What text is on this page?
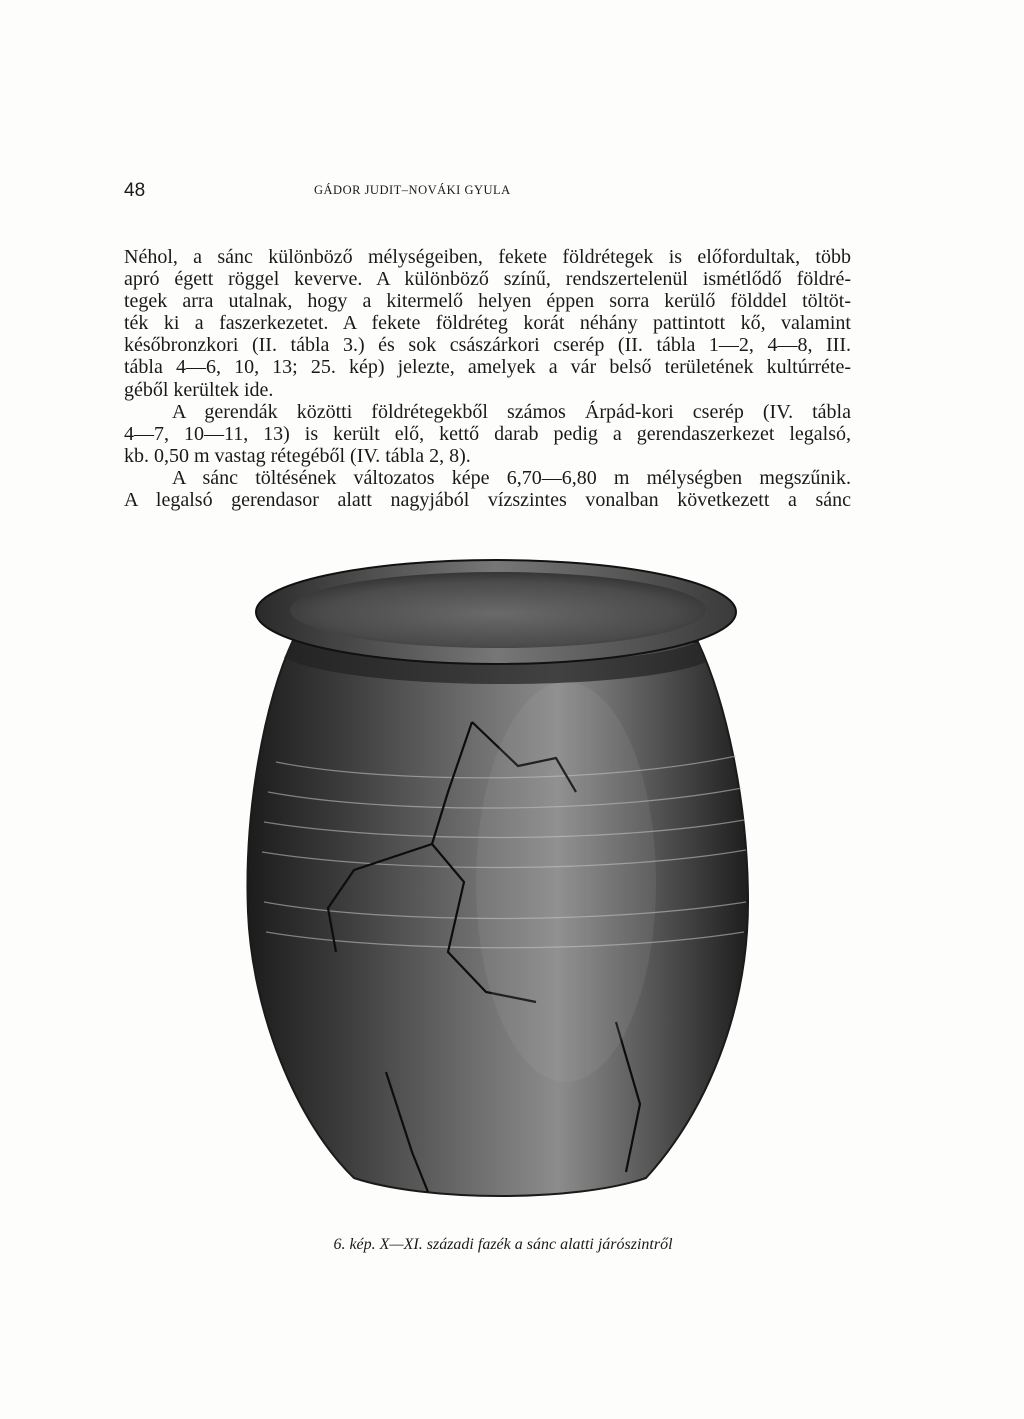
48	GÁDOR JUDIT–NOVÁKI GYULA

Néhol, a sánc különböző mélységeiben, fekete földrétegek is előfordultak, több
apró égett röggel keverve. A különböző színű, rendszertelenül ismétlődő földré-
tegek arra utalnak, hogy a kitermelő helyen éppen sorra kerülő földdel töltöt-
ték ki a faszerkezetet. A fekete földréteg korát néhány pattintott kő, valamint
későbronzkori (II. tábla 3.) és sok császárkori cserép (II. tábla 1—2, 4—8, III.
tábla 4—6, 10, 13; 25. kép) jelezte, amelyek a vár belső területének kultúrréte-
géből kerültek ide.

A gerendák közötti földrétegekből számos Árpád-kori cserép (IV. tábla
4—7, 10—11, 13) is került elő, kettő darab pedig a gerendaszerkezet legalsó,
kb. 0,50 m vastag rétegéből (IV. tábla 2, 8).

A sánc töltésének változatos képe 6,70—6,80 m mélységben megszűnik.
A legalsó gerendasor alatt nagyjából vízszintes vonalban következett a sánc

6. kép. X—XI. századi fazék a sánc alatti járószintről
